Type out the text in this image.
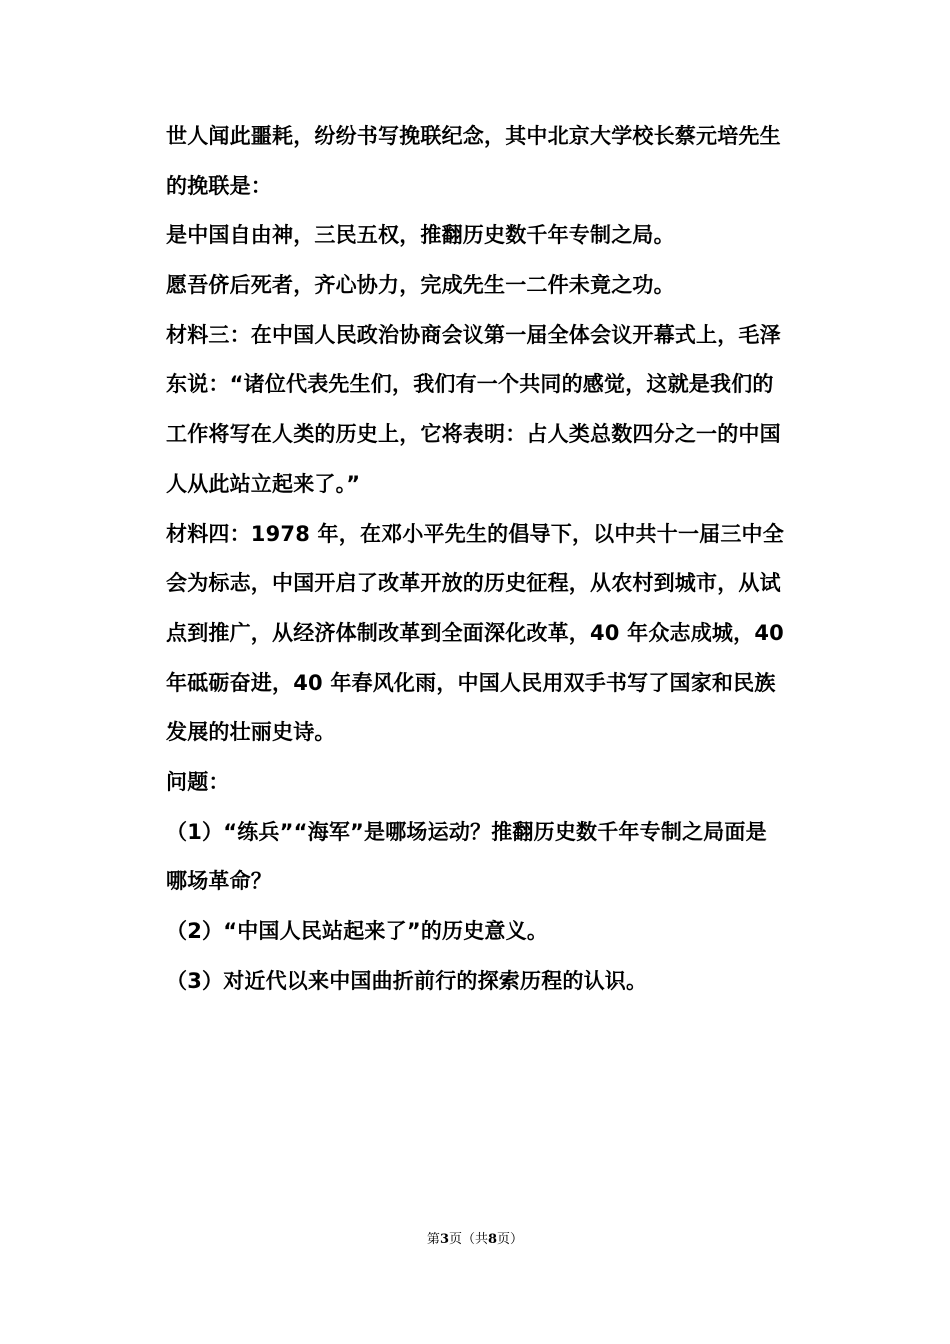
世人闻此噩耗，纷纷书写挽联纪念，其中北京大学校长蔡元培先生
的挽联是：
是中国自由神，三民五权，推翻历史数千年专制之局。
愿吾侪后死者，齐心协力，完成先生一二件未竟之功。
材料三：在中国人民政治协商会议第一届全体会议开幕式上，毛泽
东说：“诸位代表先生们，我们有一个共同的感觉，这就是我们的
工作将写在人类的历史上，它将表明：占人类总数四分之一的中国
人从此站立起来了。”
材料四：1978 年，在邓小平先生的倡导下，以中共十一届三中全
会为标志，中国开启了改革开放的历史征程，从农村到城市，从试
点到推广，从经济体制改革到全面深化改革，40 年众志成城，40
年砥砺奋进，40 年春风化雨，中国人民用双手书写了国家和民族
发展的壮丽史诗。
问题：
（1）“练兵”“海军”是哪场运动？推翻历史数千年专制之局面是
哪场革命？
（2）“中国人民站起来了”的历史意义。
（3）对近代以来中国曲折前行的探索历程的认识。
第3页（共8页）
